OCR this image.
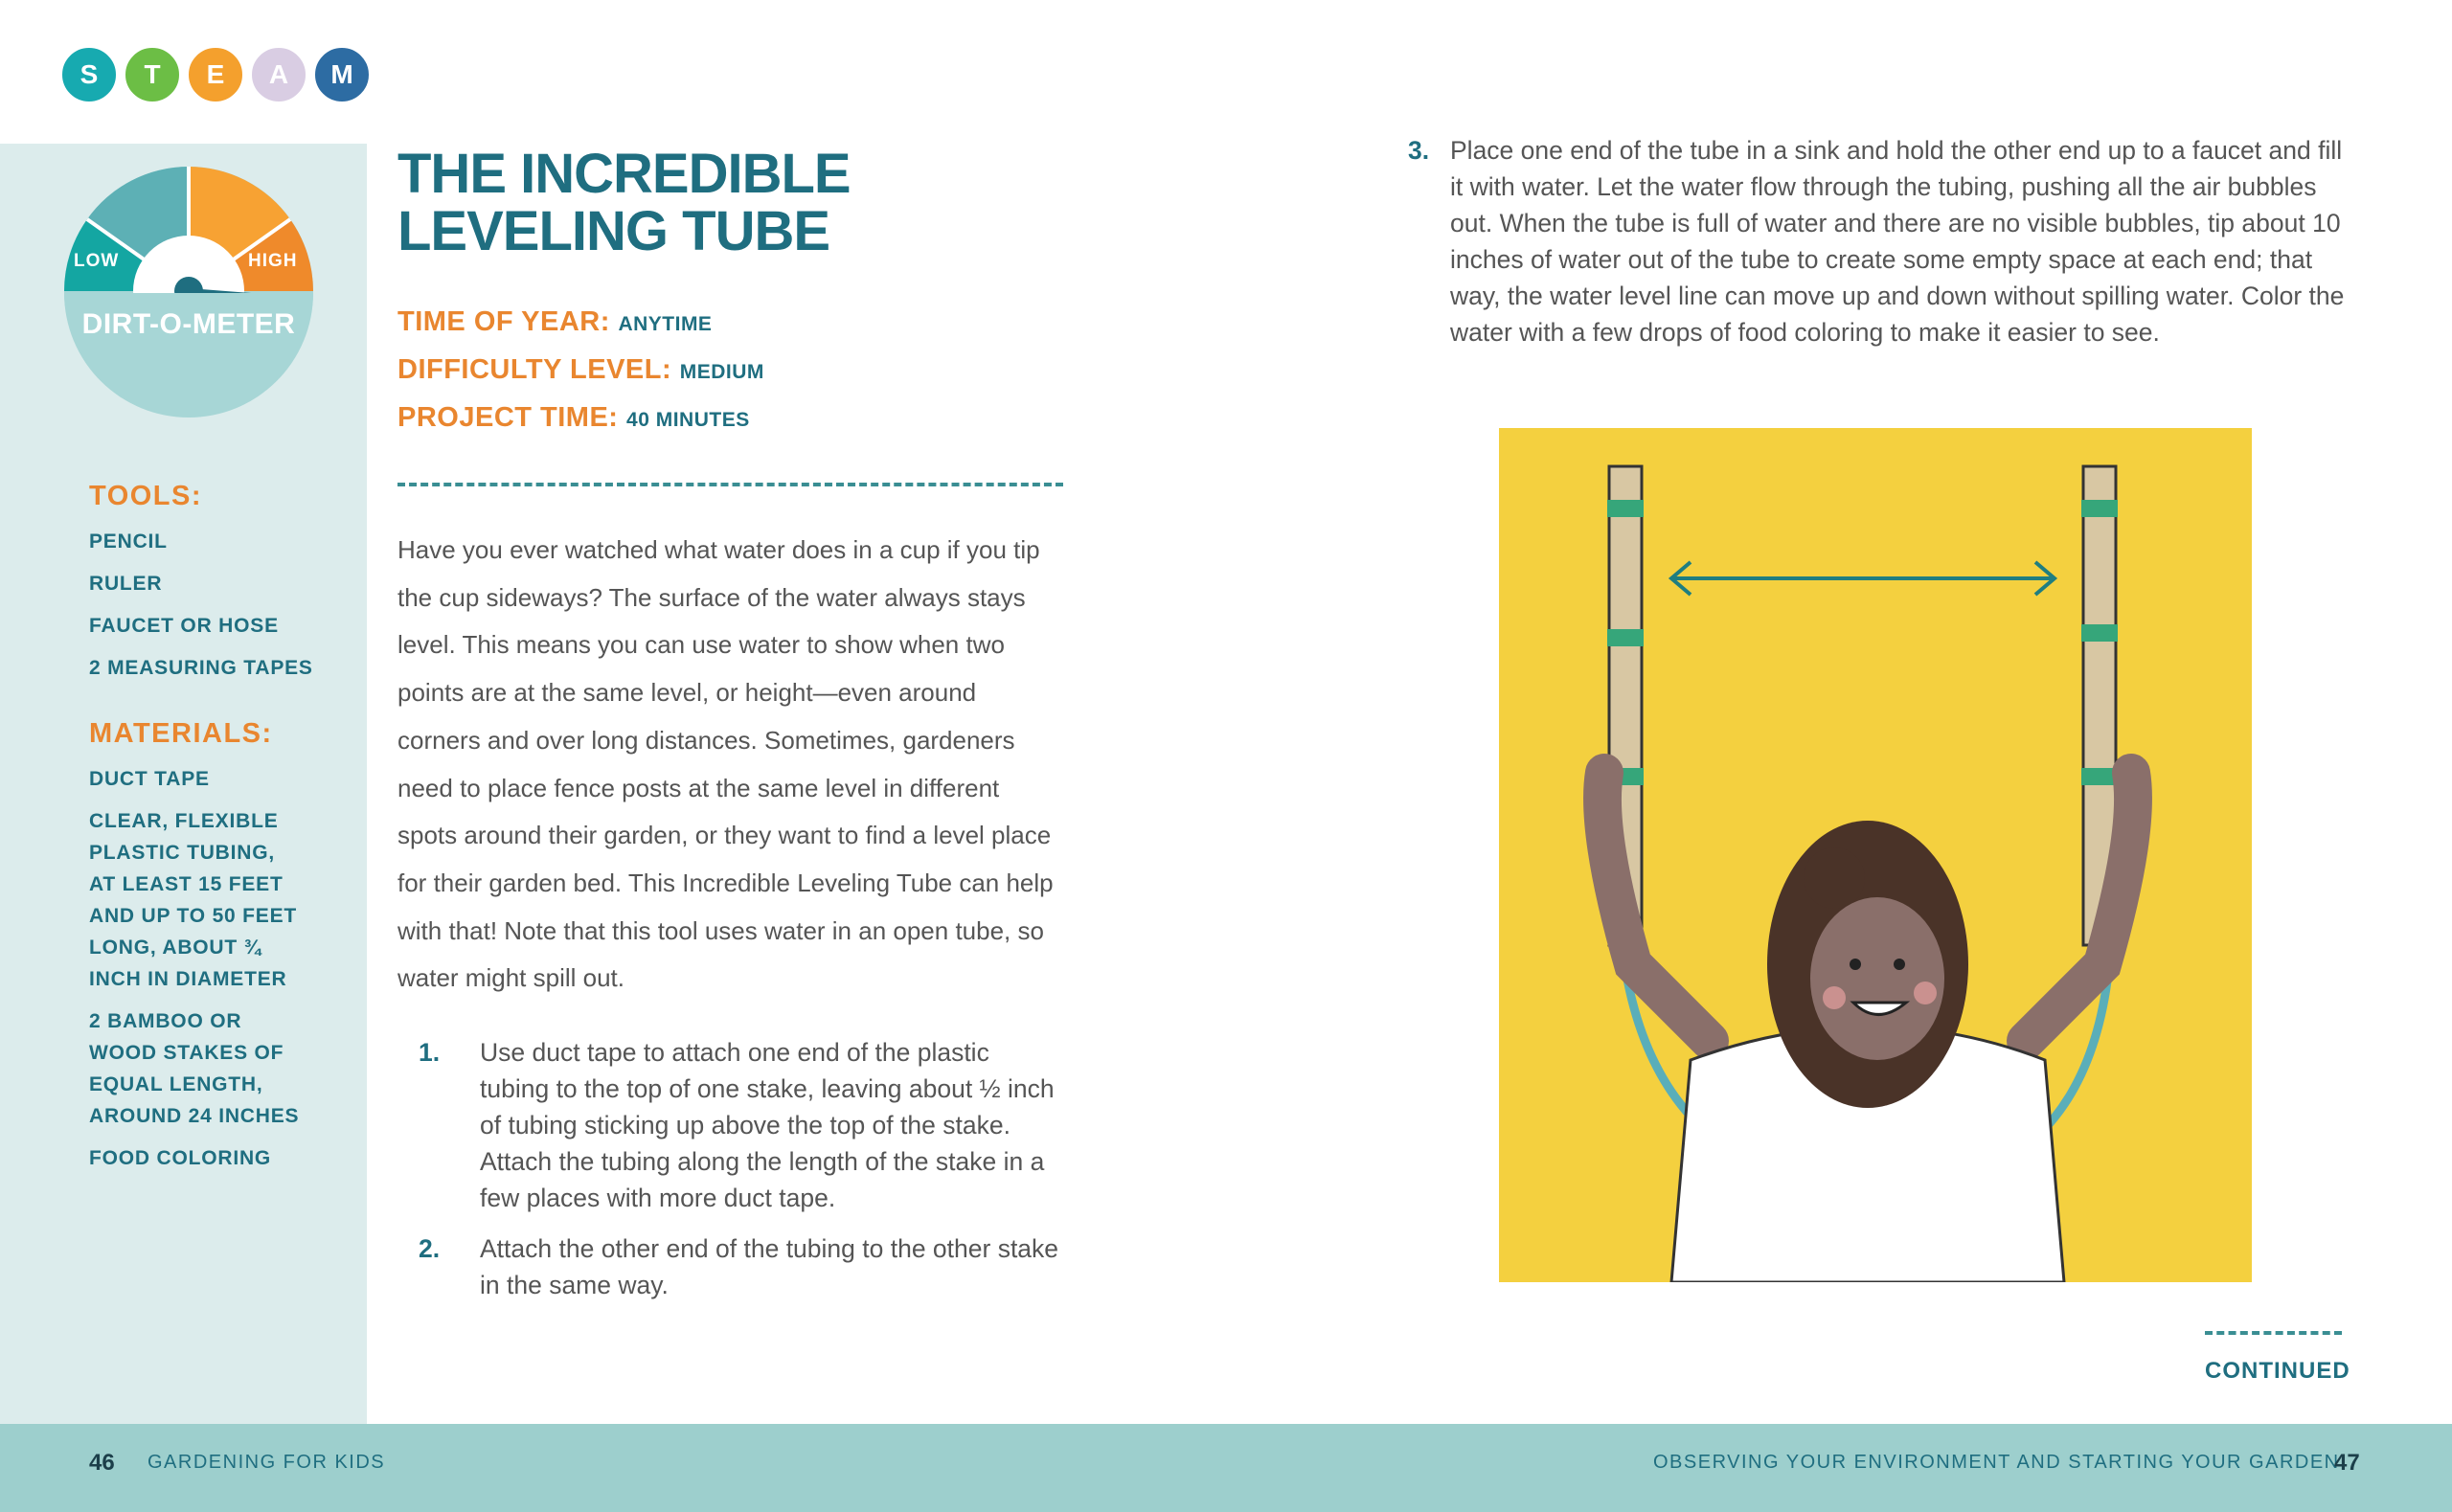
S	T	E	A	M
LOW	HIGH
DIRT-O-METER
TOOLS:
PENCIL
RULER
FAUCET OR HOSE
2 MEASURING TAPES
MATERIALS:
DUCT TAPE
CLEAR, FLEXIBLE PLASTIC TUBING, AT LEAST 15 FEET AND UP TO 50 FEET LONG, ABOUT ¾ INCH IN DIAMETER
2 BAMBOO OR WOOD STAKES OF EQUAL LENGTH, AROUND 24 INCHES
FOOD COLORING
THE INCREDIBLE LEVELING TUBE
TIME OF YEAR: ANYTIME
DIFFICULTY LEVEL: MEDIUM
PROJECT TIME: 40 MINUTES

Have you ever watched what water does in a cup if you tip the cup sideways? The surface of the water always stays level. This means you can use water to show when two points are at the same level, or height—even around corners and over long distances. Sometimes, gardeners need to place fence posts at the same level in different spots around their garden, or they want to find a level place for their garden bed. This Incredible Leveling Tube can help with that! Note that this tool uses water in an open tube, so water might spill out.

1.	Use duct tape to attach one end of the plastic tubing to the top of one stake, leaving about ½ inch of tubing sticking up above the top of the stake. Attach the tubing along the length of the stake in a few places with more duct tape.
2.	Attach the other end of the tubing to the other stake in the same way.
3. Place one end of the tube in a sink and hold the other end up to a faucet and fill it with water. Let the water flow through the tubing, pushing all the air bubbles out. When the tube is full of water and there are no visible bubbles, tip about 10 inches of water out of the tube to create some empty space at each end; that way, the water level line can move up and down without spilling water. Color the water with a few drops of food coloring to make it easier to see.
CONTINUED
46 GARDENING FOR KIDS	OBSERVING YOUR ENVIRONMENT AND STARTING YOUR GARDEN
47
